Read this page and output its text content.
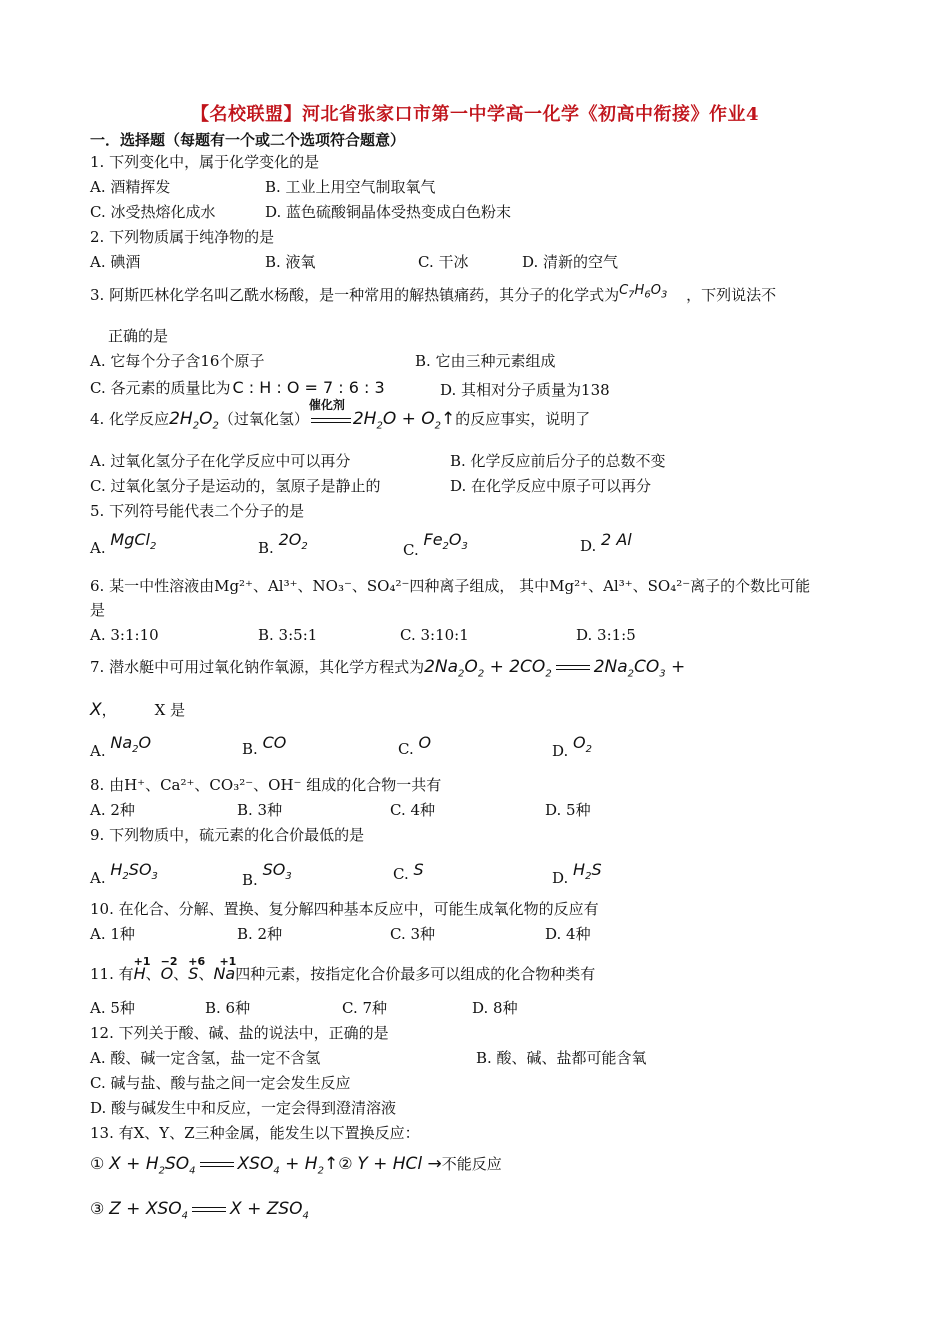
【名校联盟】河北省张家口市第一中学高一化学《初高中衔接》作业4
一．选择题（每题有一个或二个选项符合题意）
1. 下列变化中，属于化学变化的是
A. 酒精挥发	B. 工业上用空气制取氧气
C. 冰受热熔化成水	D. 蓝色硫酸铜晶体受热变成白色粉末
2. 下列物质属于纯净物的是
A. 碘酒	B. 液氧	C. 干冰	D. 清新的空气
3. 阿斯匹林化学名叫乙酰水杨酸，是一种常用的解热镇痛药，其分子的化学式为$C_7H_6O_3$ ，下列说法不
正确的是
A. 它每个分子含16个原子	B. 它由三种元素组成
C. 各元素的质量比为 C : H : O = 7 : 6 : 3	D. 其相对分子质量为138
4. 化学反应$2H_2O_2$（过氧化氢）
催化剂
$2H_2O$ + $O_2↑$的反应事实，说明了
A. 过氧化氢分子在化学反应中可以再分	B. 化学反应前后分子的总数不变
C. 过氧化氢分子是运动的，氢原子是静止的	D. 在化学反应中原子可以再分
5. 下列符号能代表二个分子的是
A. MgCl$_2$	B. $2O_2$	C. $Fe_2O_3$	D. 2 Al
6. 某一中性溶液由Mg²⁺、Al³⁺、NO₃⁻、SO₄²⁻四种离子组成， 其中Mg²⁺、Al³⁺、SO₄²⁻离子的个数比可能
是
A. 3:1:10	B. 3:5:1	C. 3:10:1	D. 3:1:5
7. 潜水艇中可用过氧化钠作氧源，其化学方程式为$2Na_2O_2 + 2CO_2$ $2Na_2CO_3$ +
X，	X 是
A. $Na_2O$	B. CO	C. O	D. $O_2$
8. 由H⁺、Ca²⁺、CO₃²⁻、OH⁻ 组成的化合物一共有
A. 2种	B. 3种	C. 4种	D. 5种
9. 下列物质中，硫元素的化合价最低的是
A. $H_2SO_3$	B. $SO_3$	C. S	D. $H_2S$
10. 在化合、分解、置换、复分解四种基本反应中，可能生成氧化物的反应有
A. 1种	B. 2种	C. 3种	D. 4种
11. 有
+1
H、
−2
O、
+6
S、
+1
Na四种元素，按指定化合价最多可以组成的化合物种类有
A. 5种	B. 6种	C. 7种	D. 8种
12. 下列关于酸、碱、盐的说法中，正确的是
A. 酸、碱一定含氢，盐一定不含氢	B. 酸、碱、盐都可能含氧
C. 碱与盐、酸与盐之间一定会发生反应
D. 酸与碱发生中和反应，一定会得到澄清溶液
13. 有X、Y、Z三种金属，能发生以下置换反应：
① $X + H_2SO_4$ $XSO_4$ + $H_2↑②$ Y + HCl →不能反应
③ $Z + XSO_4$ $X + ZSO_4$
